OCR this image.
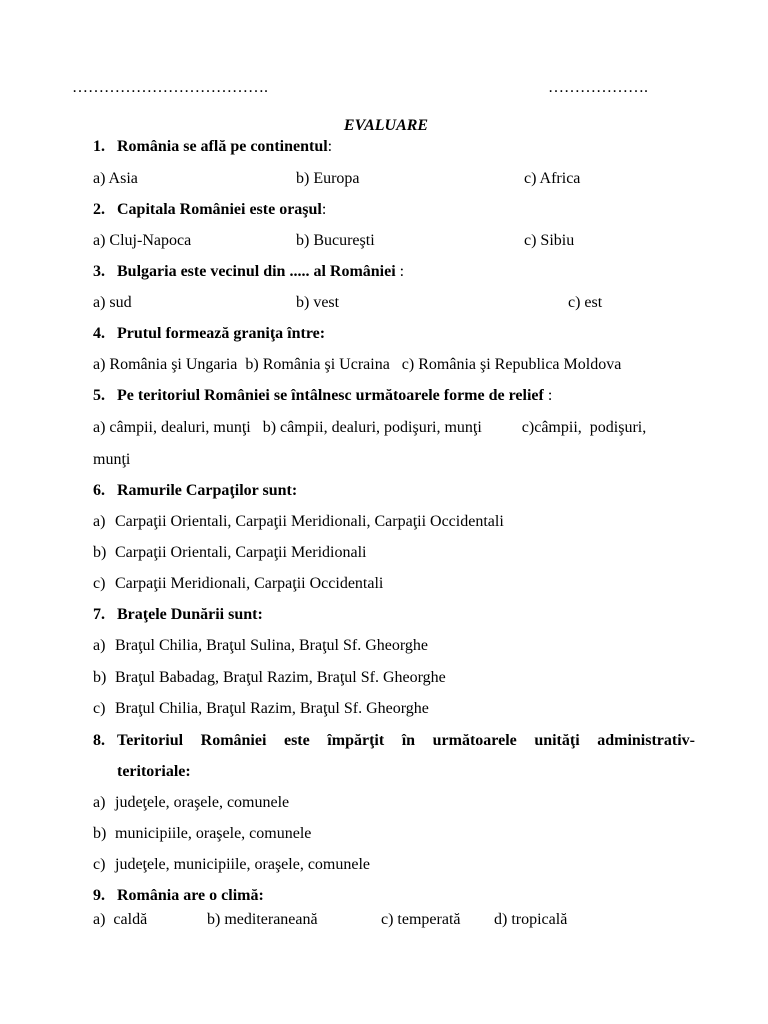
……………………………….	……………….
EVALUARE
1. România se află pe continentul:
a) Asia	b) Europa	c) Africa
2. Capitala României este oraşul:
a) Cluj-Napoca	b) Bucureşti	c) Sibiu
3. Bulgaria este vecinul din ..... al României :
a) sud	b) vest	c) est
4. Prutul formează graniţa între:
a) România şi Ungaria  b) România şi Ucraina   c) România şi Republica Moldova
5. Pe teritoriul României se întâlnesc următoarele forme de relief :
a) câmpii, dealuri, munţi   b) câmpii, dealuri, podişuri, munţi          c)câmpii,  podişuri,
munţi
6. Ramurile Carpaţilor sunt:
a) Carpaţii Orientali, Carpaţii Meridionali, Carpaţii Occidentali
b) Carpaţii Orientali, Carpaţii Meridionali
c) Carpaţii Meridionali, Carpaţii Occidentali
7. Braţele Dunării sunt:
a) Braţul Chilia, Braţul Sulina, Braţul Sf. Gheorghe
b) Braţul Babadag, Braţul Razim, Braţul Sf. Gheorghe
c) Braţul Chilia, Braţul Razim, Braţul Sf. Gheorghe
8. Teritoriul României este împărţit în următoarele unităţi administrativ-
teritoriale:
a) judeţele, oraşele, comunele
b) municipiile, oraşele, comunele
c) judeţele, municipiile, oraşele, comunele
9. România are o climă:
a)  caldă	b) mediteraneană	c) temperată d) tropicală
